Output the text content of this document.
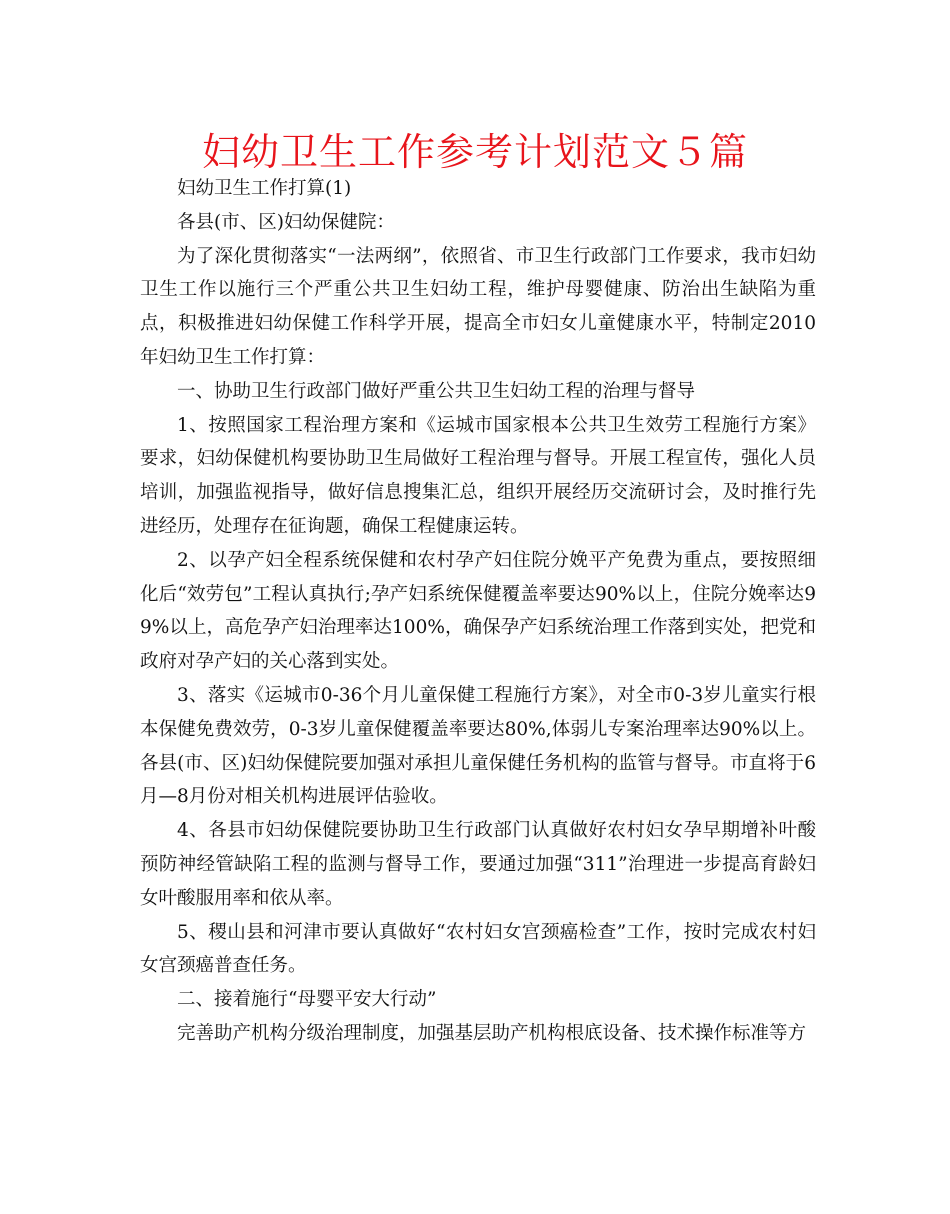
妇幼卫生工作参考计划范文５篇

妇幼卫生工作打算(1)

各县(市、区)妇幼保健院：

为了深化贯彻落实“一法两纲”，依照省、市卫生行政部门工作要求，我市妇幼卫生工作以施行三个严重公共卫生妇幼工程，维护母婴健康、防治出生缺陷为重点，积极推进妇幼保健工作科学开展，提高全市妇女儿童健康水平，特制定2010年妇幼卫生工作打算：

一、协助卫生行政部门做好严重公共卫生妇幼工程的治理与督导

1、按照国家工程治理方案和《运城市国家根本公共卫生效劳工程施行方案》要求，妇幼保健机构要协助卫生局做好工程治理与督导。开展工程宣传，强化人员培训，加强监视指导，做好信息搜集汇总，组织开展经历交流研讨会，及时推行先进经历，处理存在征询题，确保工程健康运转。

2、以孕产妇全程系统保健和农村孕产妇住院分娩平产免费为重点，要按照细化后“效劳包”工程认真执行;孕产妇系统保健覆盖率要达90%以上，住院分娩率达99%以上，高危孕产妇治理率达100%，确保孕产妇系统治理工作落到实处，把党和政府对孕产妇的关心落到实处。

3、落实《运城市0-36个月儿童保健工程施行方案》，对全市0-3岁儿童实行根本保健免费效劳，0-3岁儿童保健覆盖率要达80%,体弱儿专案治理率达90%以上。各县(市、区)妇幼保健院要加强对承担儿童保健任务机构的监管与督导。市直将于6月—8月份对相关机构进展评估验收。

4、各县市妇幼保健院要协助卫生行政部门认真做好农村妇女孕早期增补叶酸预防神经管缺陷工程的监测与督导工作，要通过加强“311”治理进一步提高育龄妇女叶酸服用率和依从率。

5、稷山县和河津市要认真做好“农村妇女宫颈癌检查”工作，按时完成农村妇女宫颈癌普查任务。

二、接着施行“母婴平安大行动”

完善助产机构分级治理制度，加强基层助产机构根底设备、技术操作标准等方
